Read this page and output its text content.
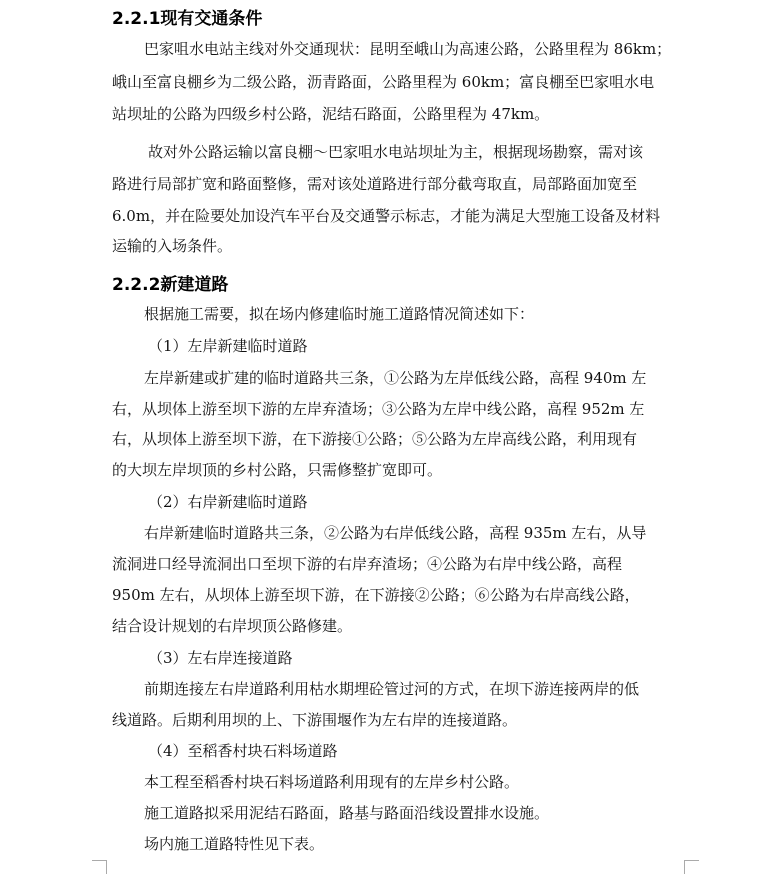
2.2.1现有交通条件
巴家咀水电站主线对外交通现状：昆明至峨山为高速公路，公路里程为 86km；
峨山至富良棚乡为二级公路，沥青路面，公路里程为 60km；富良棚至巴家咀水电
站坝址的公路为四级乡村公路，泥结石路面，公路里程为 47km。
故对外公路运输以富良棚～巴家咀水电站坝址为主，根据现场勘察，需对该
路进行局部扩宽和路面整修，需对该处道路进行部分截弯取直，局部路面加宽至
6.0m，并在险要处加设汽车平台及交通警示标志，才能为满足大型施工设备及材料
运输的入场条件。
2.2.2新建道路
根据施工需要，拟在场内修建临时施工道路情况简述如下：
（1）左岸新建临时道路
左岸新建或扩建的临时道路共三条，①公路为左岸低线公路，高程 940m 左
右，从坝体上游至坝下游的左岸弃渣场；③公路为左岸中线公路，高程 952m 左
右，从坝体上游至坝下游，在下游接①公路；⑤公路为左岸高线公路，利用现有
的大坝左岸坝顶的乡村公路，只需修整扩宽即可。
（2）右岸新建临时道路
右岸新建临时道路共三条，②公路为右岸低线公路，高程 935m 左右，从导
流洞进口经导流洞出口至坝下游的右岸弃渣场；④公路为右岸中线公路，高程
950m 左右，从坝体上游至坝下游，在下游接②公路；⑥公路为右岸高线公路，
结合设计规划的右岸坝顶公路修建。
（3）左右岸连接道路
前期连接左右岸道路利用枯水期埋砼管过河的方式，在坝下游连接两岸的低
线道路。后期利用坝的上、下游围堰作为左右岸的连接道路。
（4）至稻香村块石料场道路
本工程至稻香村块石料场道路利用现有的左岸乡村公路。
施工道路拟采用泥结石路面，路基与路面沿线设置排水设施。
场内施工道路特性见下表。
